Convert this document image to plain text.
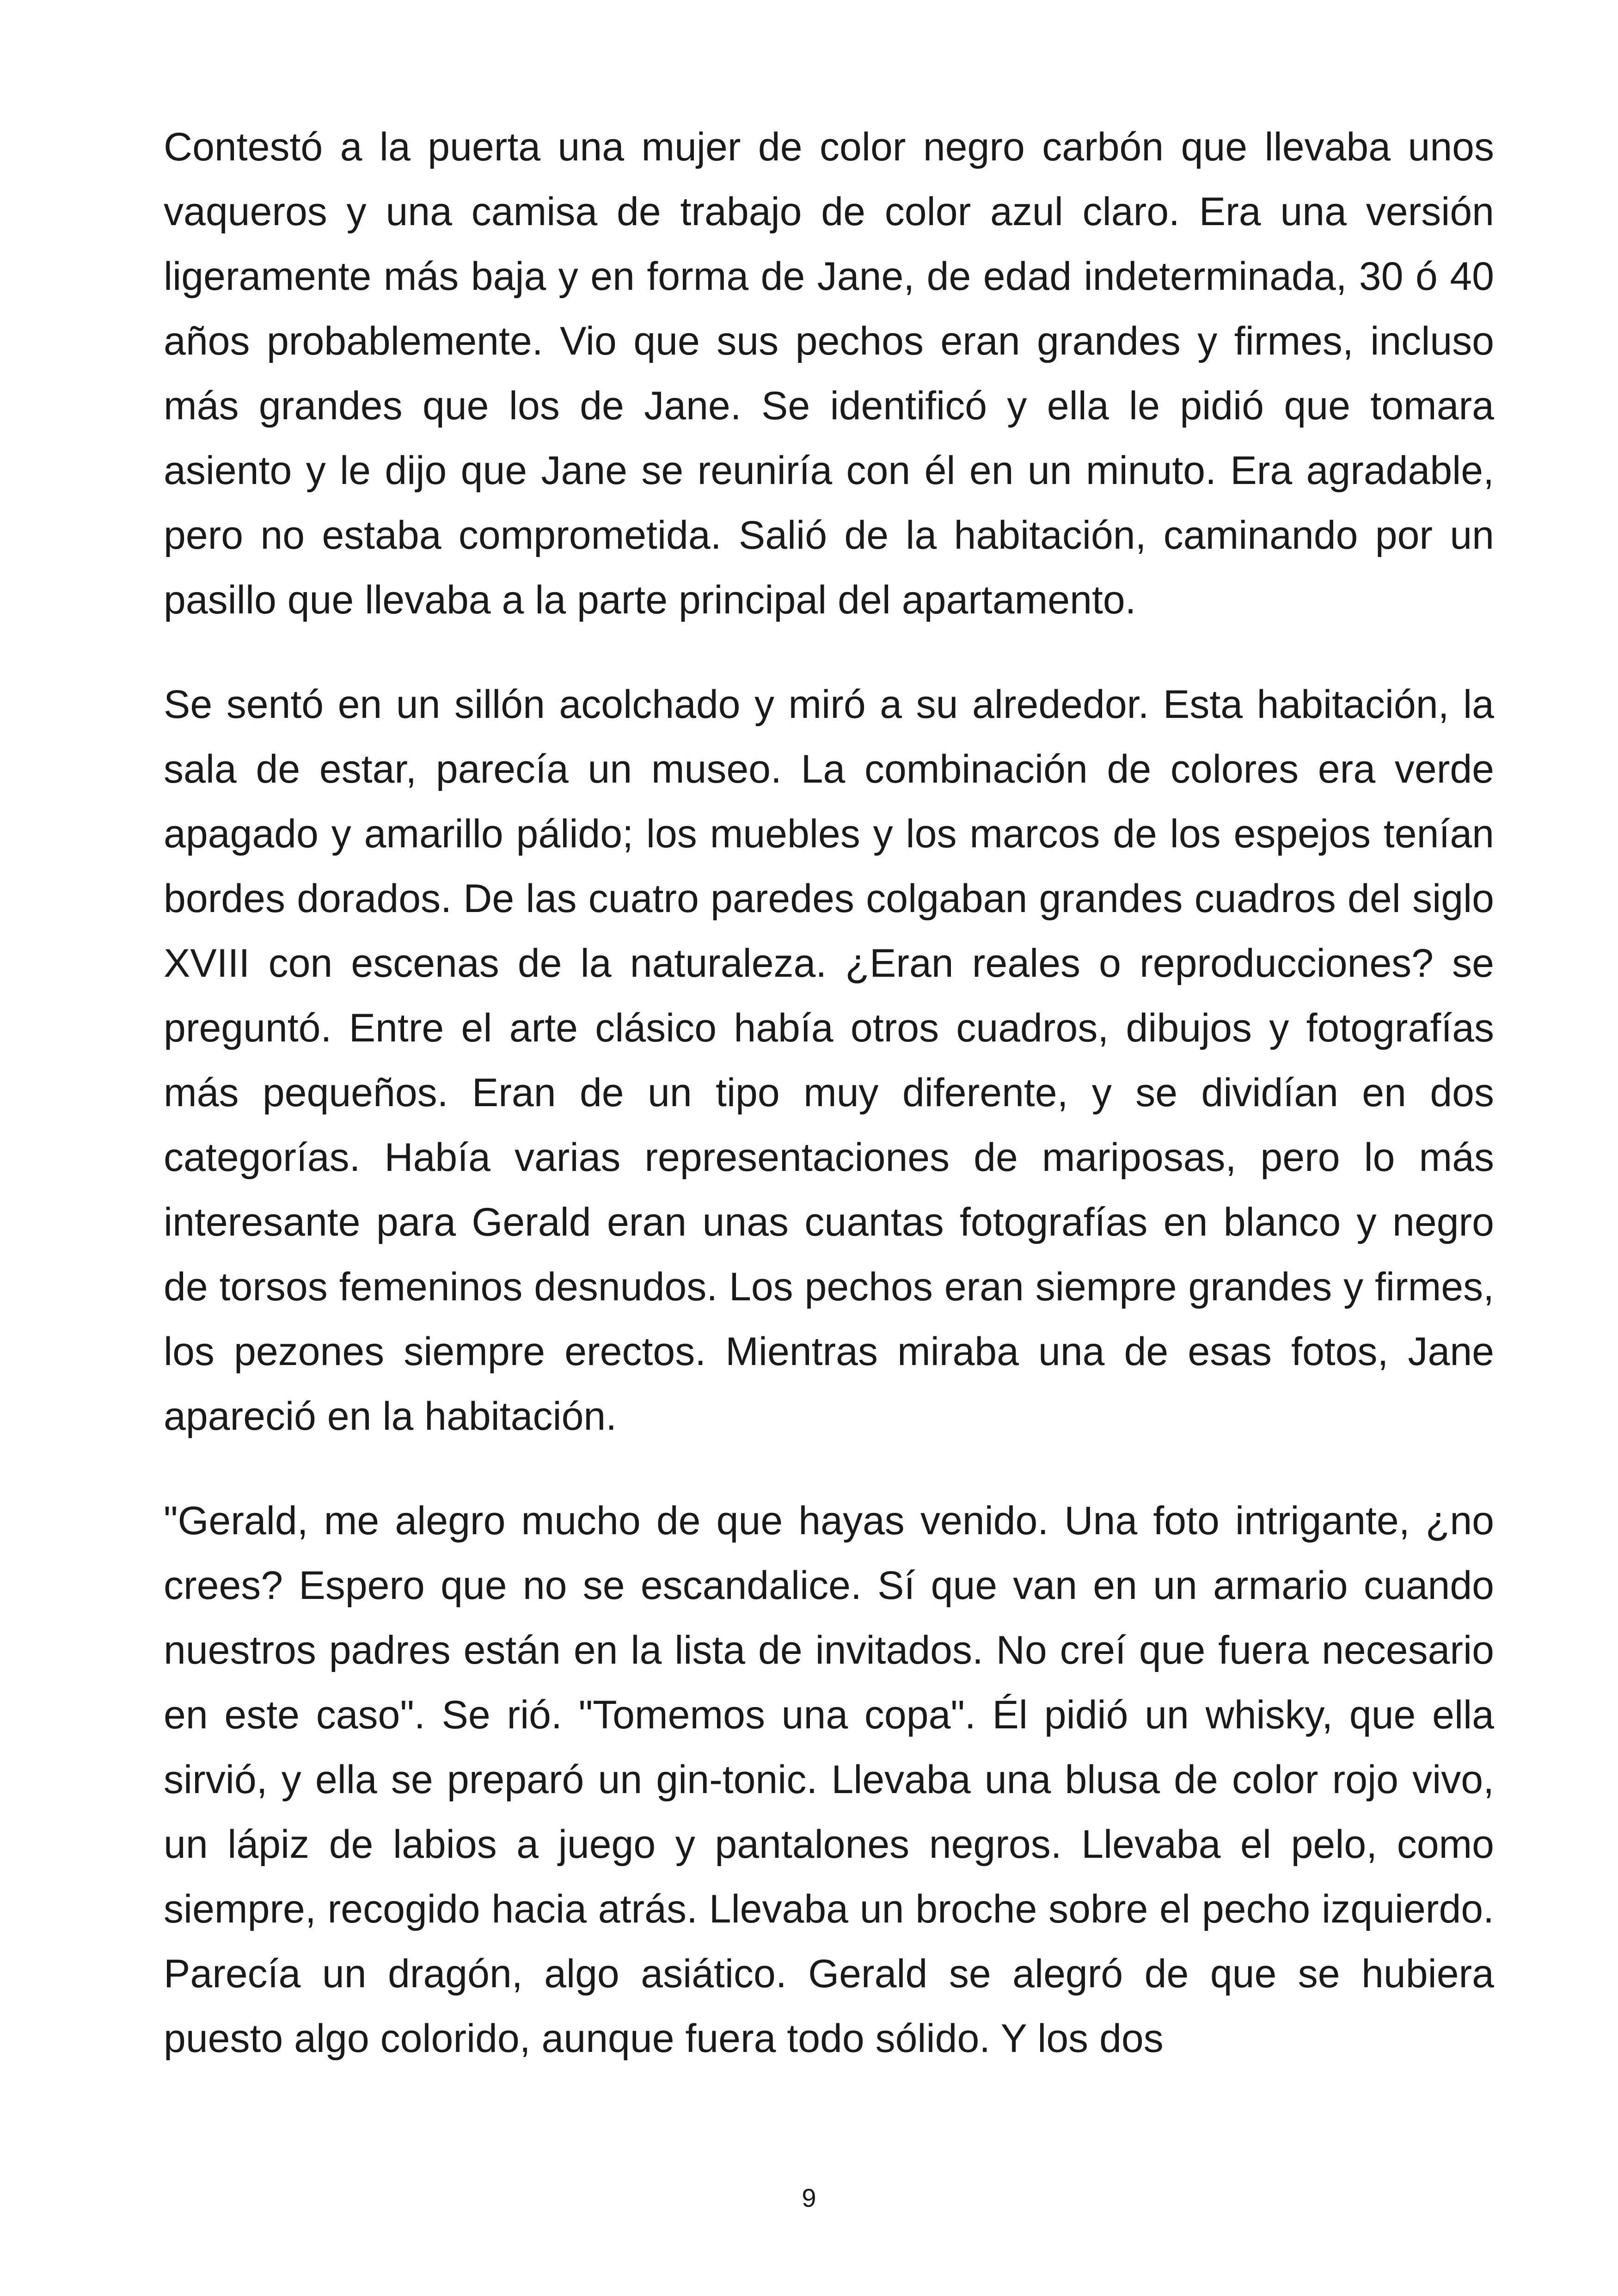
Contestó a la puerta una mujer de color negro carbón que llevaba unos vaqueros y una camisa de trabajo de color azul claro. Era una versión ligeramente más baja y en forma de Jane, de edad indeterminada, 30 ó 40 años probablemente. Vio que sus pechos eran grandes y firmes, incluso más grandes que los de Jane. Se identificó y ella le pidió que tomara asiento y le dijo que Jane se reuniría con él en un minuto. Era agradable, pero no estaba comprometida. Salió de la habitación, caminando por un pasillo que llevaba a la parte principal del apartamento.

Se sentó en un sillón acolchado y miró a su alrededor. Esta habitación, la sala de estar, parecía un museo. La combinación de colores era verde apagado y amarillo pálido; los muebles y los marcos de los espejos tenían bordes dorados. De las cuatro paredes colgaban grandes cuadros del siglo XVIII con escenas de la naturaleza. ¿Eran reales o reproducciones? se preguntó. Entre el arte clásico había otros cuadros, dibujos y fotografías más pequeños. Eran de un tipo muy diferente, y se dividían en dos categorías. Había varias representaciones de mariposas, pero lo más interesante para Gerald eran unas cuantas fotografías en blanco y negro de torsos femeninos desnudos. Los pechos eran siempre grandes y firmes, los pezones siempre erectos. Mientras miraba una de esas fotos, Jane apareció en la habitación.

"Gerald, me alegro mucho de que hayas venido. Una foto intrigante, ¿no crees? Espero que no se escandalice. Sí que van en un armario cuando nuestros padres están en la lista de invitados. No creí que fuera necesario en este caso". Se rió. "Tomemos una copa". Él pidió un whisky, que ella sirvió, y ella se preparó un gin-tonic. Llevaba una blusa de color rojo vivo, un lápiz de labios a juego y pantalones negros. Llevaba el pelo, como siempre, recogido hacia atrás. Llevaba un broche sobre el pecho izquierdo. Parecía un dragón, algo asiático. Gerald se alegró de que se hubiera puesto algo colorido, aunque fuera todo sólido. Y los dos

9
